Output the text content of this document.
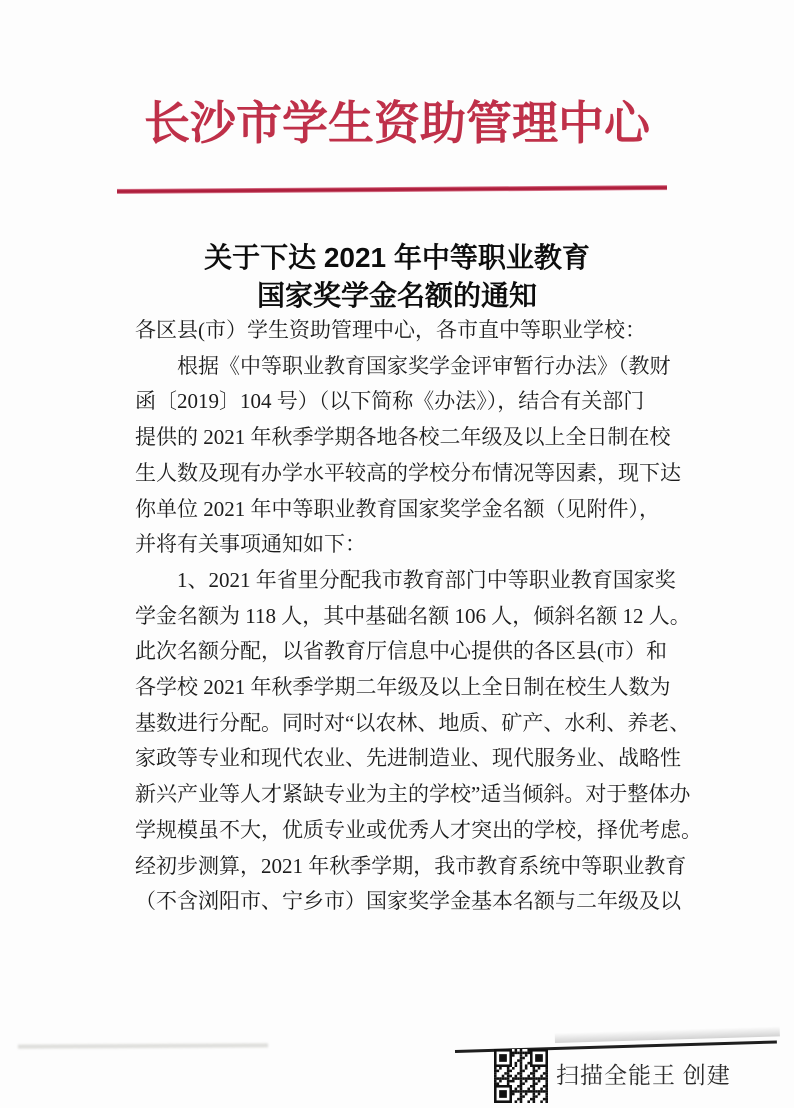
长沙市学生资助管理中心
关于下达 2021 年中等职业教育
国家奖学金名额的通知
各区县(市）学生资助管理中心，各市直中等职业学校：
根据《中等职业教育国家奖学金评审暂行办法》（教财
函〔2019〕104 号）（以下简称《办法》），结合有关部门
提供的 2021 年秋季学期各地各校二年级及以上全日制在校
生人数及现有办学水平较高的学校分布情况等因素，现下达
你单位 2021 年中等职业教育国家奖学金名额（见附件），
并将有关事项通知如下：
1、2021 年省里分配我市教育部门中等职业教育国家奖
学金名额为 118 人，其中基础名额 106 人，倾斜名额 12 人。
此次名额分配，以省教育厅信息中心提供的各区县(市）和
各学校 2021 年秋季学期二年级及以上全日制在校生人数为
基数进行分配。同时对“以农林、地质、矿产、水利、养老、
家政等专业和现代农业、先进制造业、现代服务业、战略性
新兴产业等人才紧缺专业为主的学校”适当倾斜。对于整体办
学规模虽不大，优质专业或优秀人才突出的学校，择优考虑。
经初步测算，2021 年秋季学期，我市教育系统中等职业教育
（不含浏阳市、宁乡市）国家奖学金基本名额与二年级及以
扫描全能王 创建
